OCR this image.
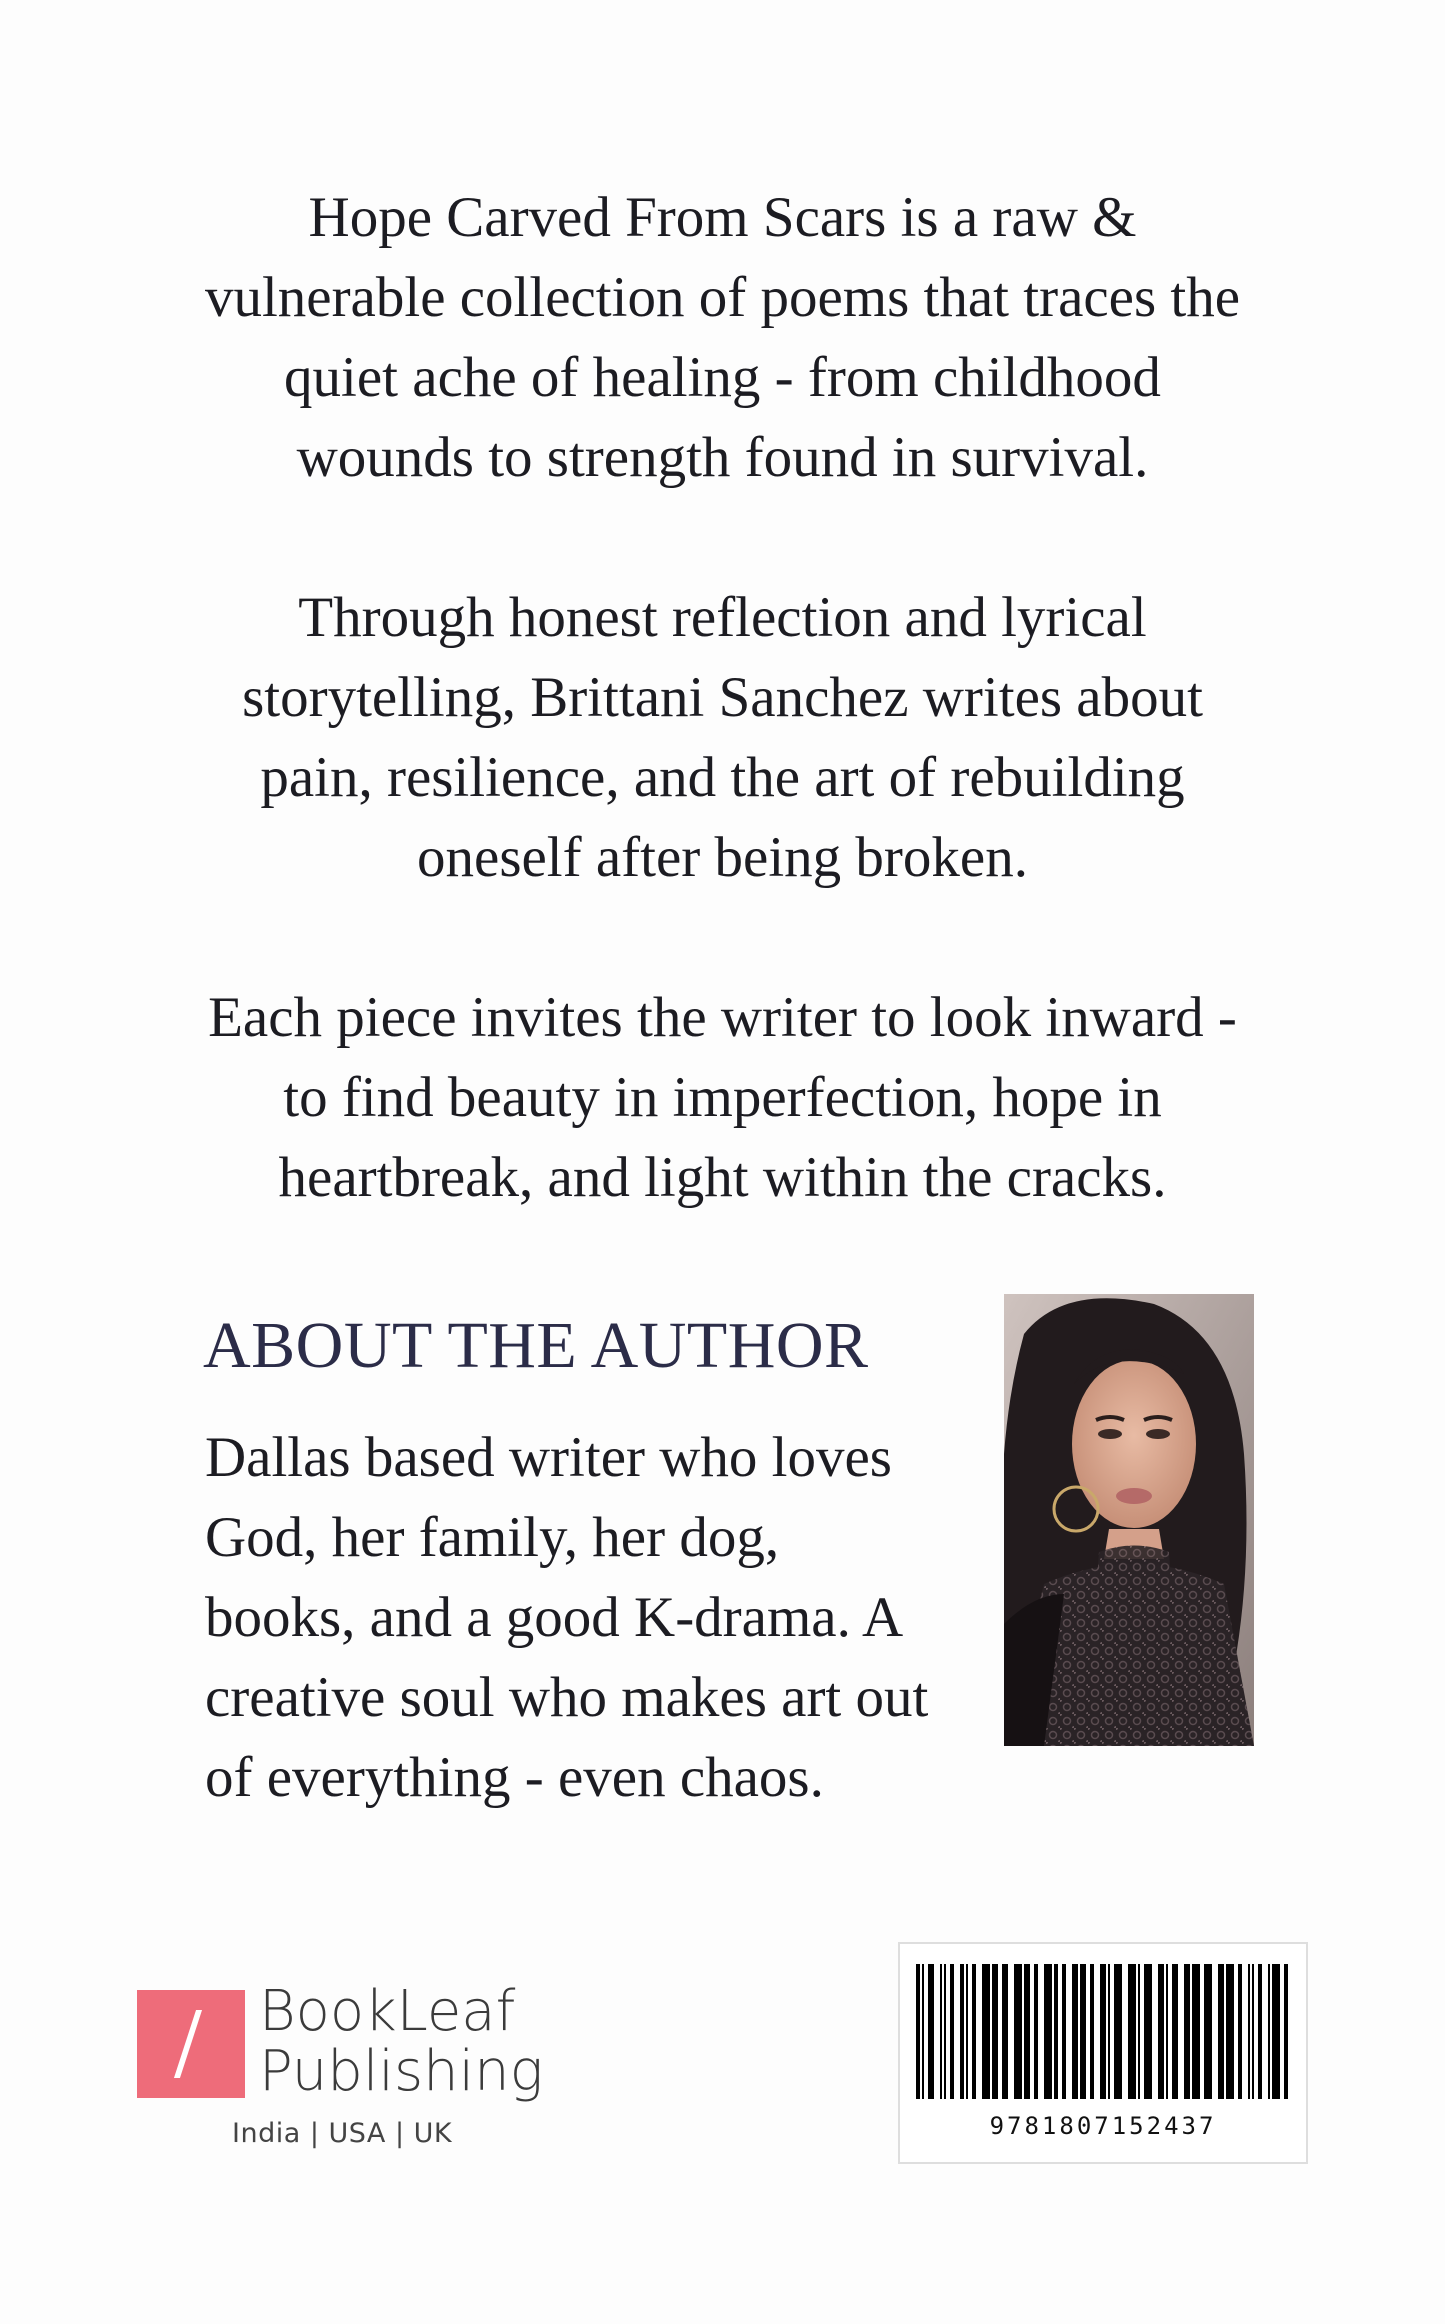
Hope Carved From Scars is a raw &
vulnerable collection of poems that traces the
quiet ache of healing - from childhood
wounds to strength found in survival.

Through honest reflection and lyrical
storytelling, Brittani Sanchez writes about
pain, resilience, and the art of rebuilding
oneself after being broken.

Each piece invites the writer to look inward -
to find beauty in imperfection, hope in
heartbreak, and light within the cracks.

ABOUT THE AUTHOR
Dallas based writer who loves
God, her family, her dog,
books, and a good K-drama. A
creative soul who makes art out
of everything - even chaos.
BookLeaf
Publishing
India | USA | UK	9781807152437
